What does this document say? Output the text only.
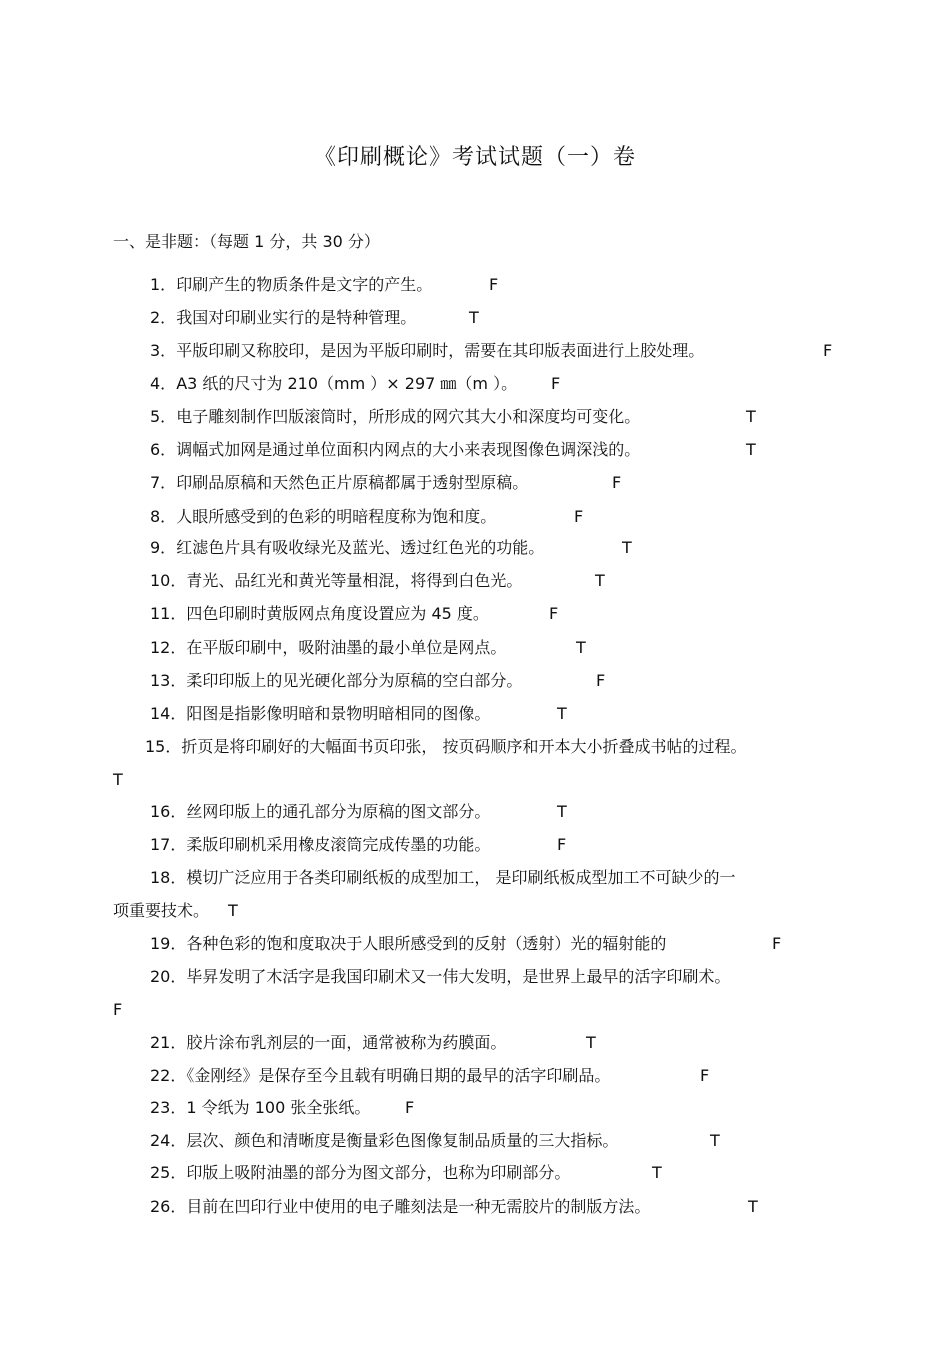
《印刷概论》考试试题（一）卷
一、是非题：（每题 1 分，共 30 分）
1．印刷产生的物质条件是文字的产生。	F
2．我国对印刷业实行的是特种管理。	T
3．平版印刷又称胶印，是因为平版印刷时，需要在其印版表面进行上胶处理。	F
4．A3 纸的尺寸为 210（mm ）× 297 ㎜（m ）。 F
5．电子雕刻制作凹版滚筒时，所形成的网穴其大小和深度均可变化。	T
6．调幅式加网是通过单位面积内网点的大小来表现图像色调深浅的。	T
7．印刷品原稿和天然色正片原稿都属于透射型原稿。	F
8．人眼所感受到的色彩的明暗程度称为饱和度。	F
9．红滤色片具有吸收绿光及蓝光、透过红色光的功能。	T
10．青光、品红光和黄光等量相混，将得到白色光。	T
11．四色印刷时黄版网点角度设置应为 45 度。	F
12．在平版印刷中，吸附油墨的最小单位是网点。	T
13．柔印印版上的见光硬化部分为原稿的空白部分。	F
14．阳图是指影像明暗和景物明暗相同的图像。	T
15．折页是将印刷好的大幅面书页印张， 按页码顺序和开本大小折叠成书帖的过程。
T
16．丝网印版上的通孔部分为原稿的图文部分。	T
17．柔版印刷机采用橡皮滚筒完成传墨的功能。	F
18．模切广泛应用于各类印刷纸板的成型加工， 是印刷纸板成型加工不可缺少的一
项重要技术。 T
19．各种色彩的饱和度取决于人眼所感受到的反射（透射）光的辐射能的	F
20．毕昇发明了木活字是我国印刷术又一伟大发明，是世界上最早的活字印刷术。
F
21．胶片涂布乳剂层的一面，通常被称为药膜面。	T
22．《金刚经》是保存至今且载有明确日期的最早的活字印刷品。	F
23．1 令纸为 100 张全张纸。 F
24．层次、颜色和清晰度是衡量彩色图像复制品质量的三大指标。	T
25．印版上吸附油墨的部分为图文部分，也称为印刷部分。	T
26．目前在凹印行业中使用的电子雕刻法是一种无需胶片的制版方法。	T
